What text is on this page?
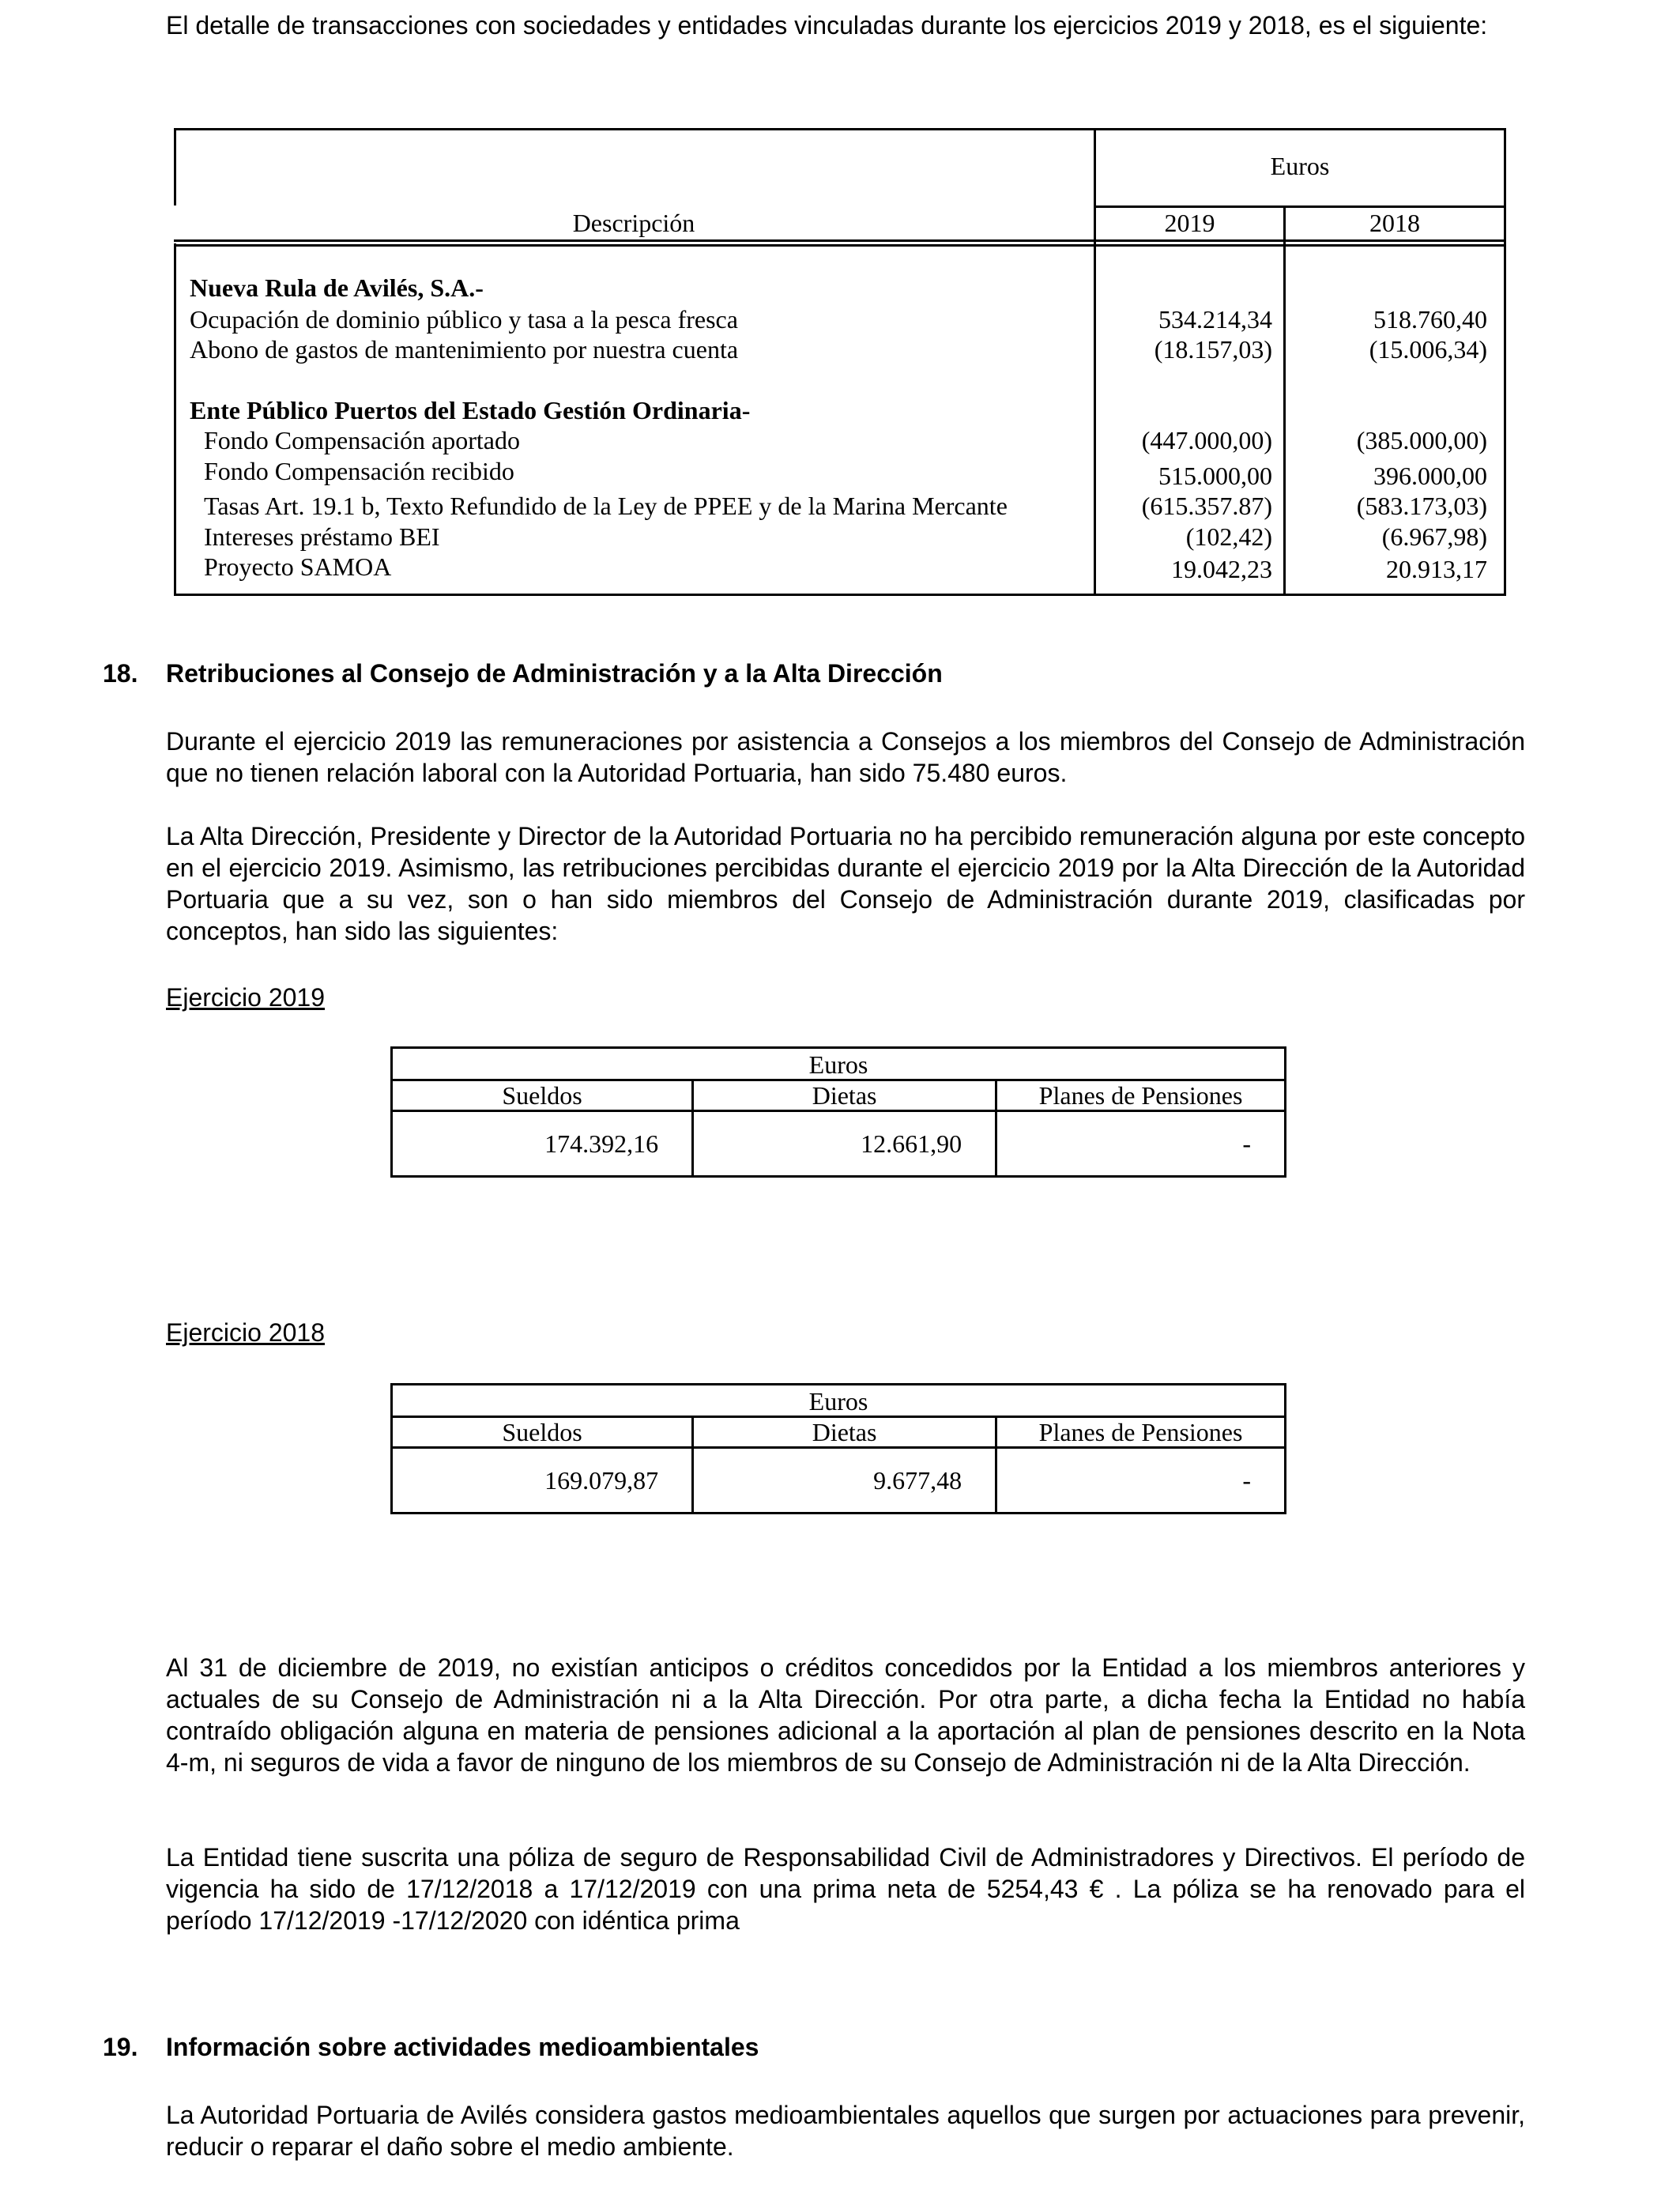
El detalle de transacciones con sociedades y entidades vinculadas durante los ejercicios 2019 y 2018, es el siguiente:
Euros
Descripción	2019	2018
Nueva Rula de Avilés, S.A.-
Ocupación de dominio público y tasa a la pesca fresca	534.214,34	518.760,40
Abono de gastos de mantenimiento por nuestra cuenta	(18.157,03)	(15.006,34)
Ente Público Puertos del Estado Gestión Ordinaria-
Fondo Compensación aportado	(447.000,00)	(385.000,00)
Fondo Compensación recibido	515.000,00	396.000,00
Tasas Art. 19.1 b, Texto Refundido de la Ley de PPEE y de la Marina Mercante	(615.357.87)	(583.173,03)
Intereses préstamo BEI	(102,42)	(6.967,98)
Proyecto SAMOA	19.042,23	20.913,17
18. Retribuciones al Consejo de Administración y a la Alta Dirección
Durante el ejercicio 2019 las remuneraciones por asistencia a Consejos a los miembros del Consejo de Administración que no tienen relación laboral con la Autoridad Portuaria, han sido 75.480 euros.
La Alta Dirección, Presidente y Director de la Autoridad Portuaria no ha percibido remuneración alguna por este concepto en el ejercicio 2019. Asimismo, las retribuciones percibidas durante el ejercicio 2019 por la Alta Dirección de la Autoridad Portuaria que a su vez, son o han sido miembros del Consejo de Administración durante 2019, clasificadas por conceptos, han sido las siguientes:
Ejercicio 2019
Euros		
Sueldos	Dietas	Planes de Pensiones
174.392,16	12.661,90	-
Ejercicio 2018
Euros		
Sueldos	Dietas	Planes de Pensiones
169.079,87	9.677,48	-
Al 31 de diciembre de 2019, no existían anticipos o créditos concedidos por la Entidad a los miembros anteriores y actuales de su Consejo de Administración ni a la Alta Dirección. Por otra parte, a dicha fecha la Entidad no había contraído obligación alguna en materia de pensiones adicional a la aportación al plan de pensiones descrito en la Nota 4-m, ni seguros de vida a favor de ninguno de los miembros de su Consejo de Administración ni de la Alta Dirección.
La Entidad tiene suscrita una póliza de seguro de Responsabilidad Civil de Administradores y Directivos. El período de vigencia ha sido de 17/12/2018 a 17/12/2019 con una prima neta de 5254,43 € . La póliza se ha renovado para el período 17/12/2019 -17/12/2020 con idéntica prima
19. Información sobre actividades medioambientales
La Autoridad Portuaria de Avilés considera gastos medioambientales aquellos que surgen por actuaciones para prevenir, reducir o reparar el daño sobre el medio ambiente.
